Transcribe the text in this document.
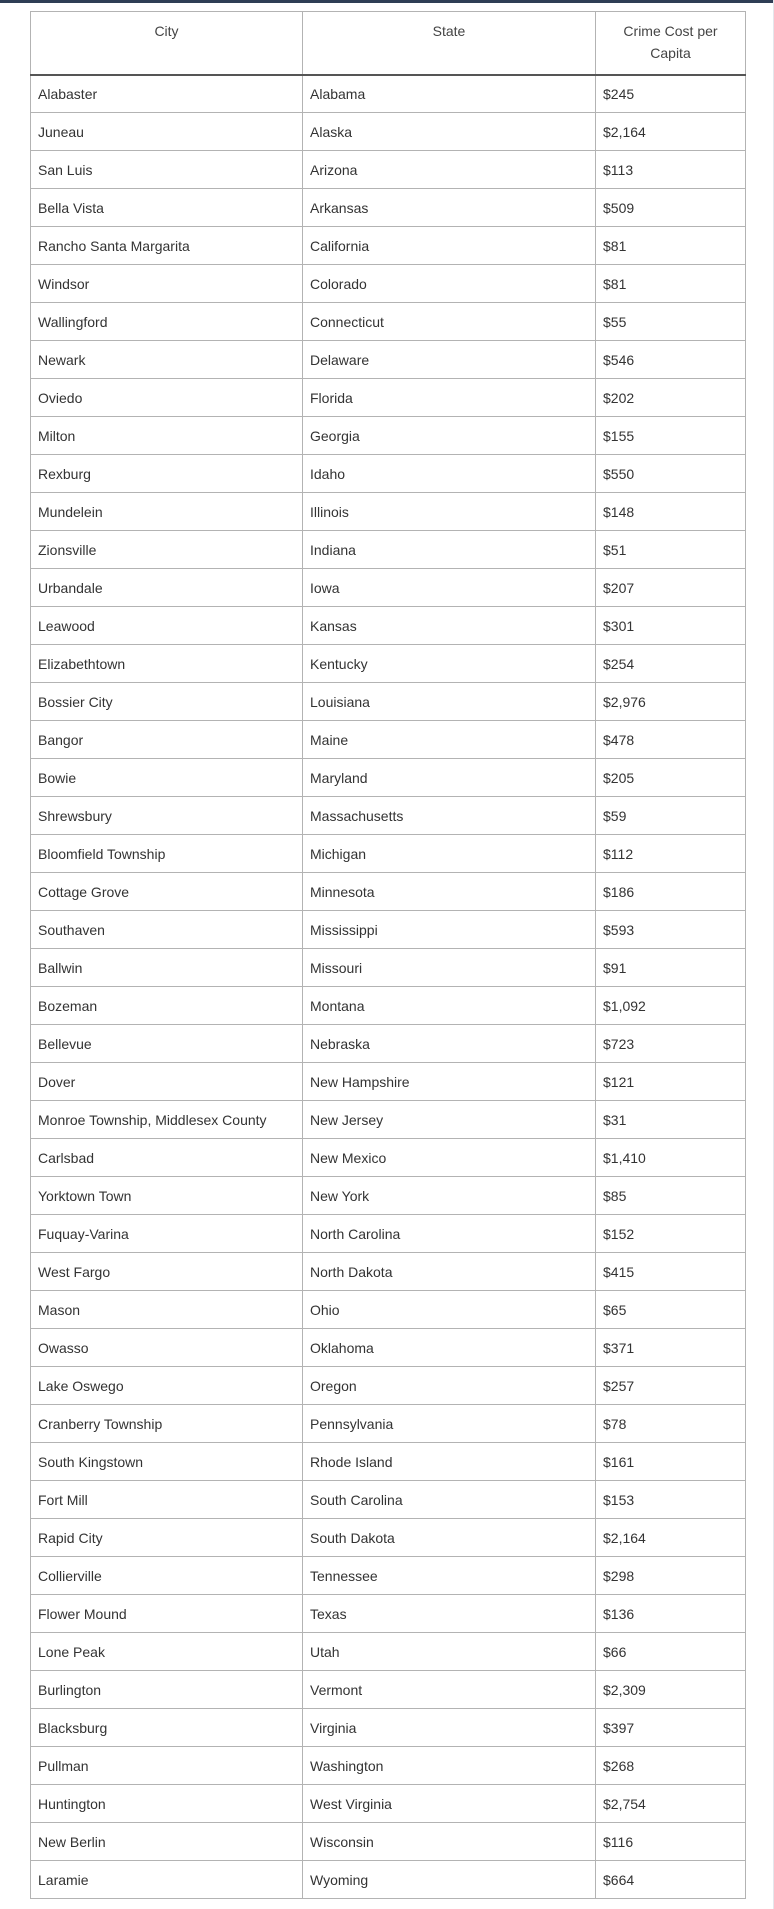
City	State	Crime Cost per Capita
Alabaster	Alabama	$245
Juneau	Alaska	$2,164
San Luis	Arizona	$113
Bella Vista	Arkansas	$509
Rancho Santa Margarita	California	$81
Windsor	Colorado	$81
Wallingford	Connecticut	$55
Newark	Delaware	$546
Oviedo	Florida	$202
Milton	Georgia	$155
Rexburg	Idaho	$550
Mundelein	Illinois	$148
Zionsville	Indiana	$51
Urbandale	Iowa	$207
Leawood	Kansas	$301
Elizabethtown	Kentucky	$254
Bossier City	Louisiana	$2,976
Bangor	Maine	$478
Bowie	Maryland	$205
Shrewsbury	Massachusetts	$59
Bloomfield Township	Michigan	$112
Cottage Grove	Minnesota	$186
Southaven	Mississippi	$593
Ballwin	Missouri	$91
Bozeman	Montana	$1,092
Bellevue	Nebraska	$723
Dover	New Hampshire	$121
Monroe Township, Middlesex County	New Jersey	$31
Carlsbad	New Mexico	$1,410
Yorktown Town	New York	$85
Fuquay-Varina	North Carolina	$152
West Fargo	North Dakota	$415
Mason	Ohio	$65
Owasso	Oklahoma	$371
Lake Oswego	Oregon	$257
Cranberry Township	Pennsylvania	$78
South Kingstown	Rhode Island	$161
Fort Mill	South Carolina	$153
Rapid City	South Dakota	$2,164
Collierville	Tennessee	$298
Flower Mound	Texas	$136
Lone Peak	Utah	$66
Burlington	Vermont	$2,309
Blacksburg	Virginia	$397
Pullman	Washington	$268
Huntington	West Virginia	$2,754
New Berlin	Wisconsin	$116
Laramie	Wyoming	$664
